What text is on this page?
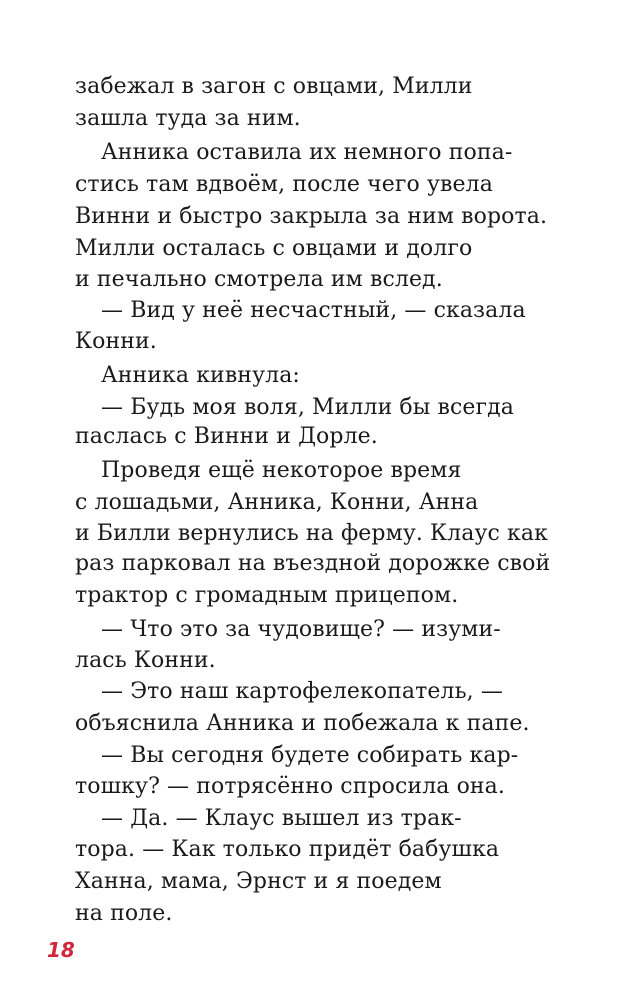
забежал в загон с овцами, Милли
зашла туда за ним.
Анника оставила их немного попа-
стись там вдвоём, после чего увела
Винни и быстро закрыла за ним ворота.
Милли осталась с овцами и долго
и печально смотрела им вслед.
— Вид у неё несчастный, — сказала
Конни.
Анника кивнула:
— Будь моя воля, Милли бы всегда
паслась с Винни и Дорле.
Проведя ещё некоторое время
с лошадьми, Анника, Конни, Анна
и Билли вернулись на ферму. Клаус как
раз парковал на въездной дорожке свой
трактор с громадным прицепом.
— Что это за чудовище? — изуми-
лась Конни.
— Это наш картофелекопатель, —
объяснила Анника и побежала к папе.
— Вы сегодня будете собирать кар-
тошку? — потрясённо спросила она.
— Да. — Клаус вышел из трак-
тора. — Как только придёт бабушка
Ханна, мама, Эрнст и я поедем
на поле.
18
